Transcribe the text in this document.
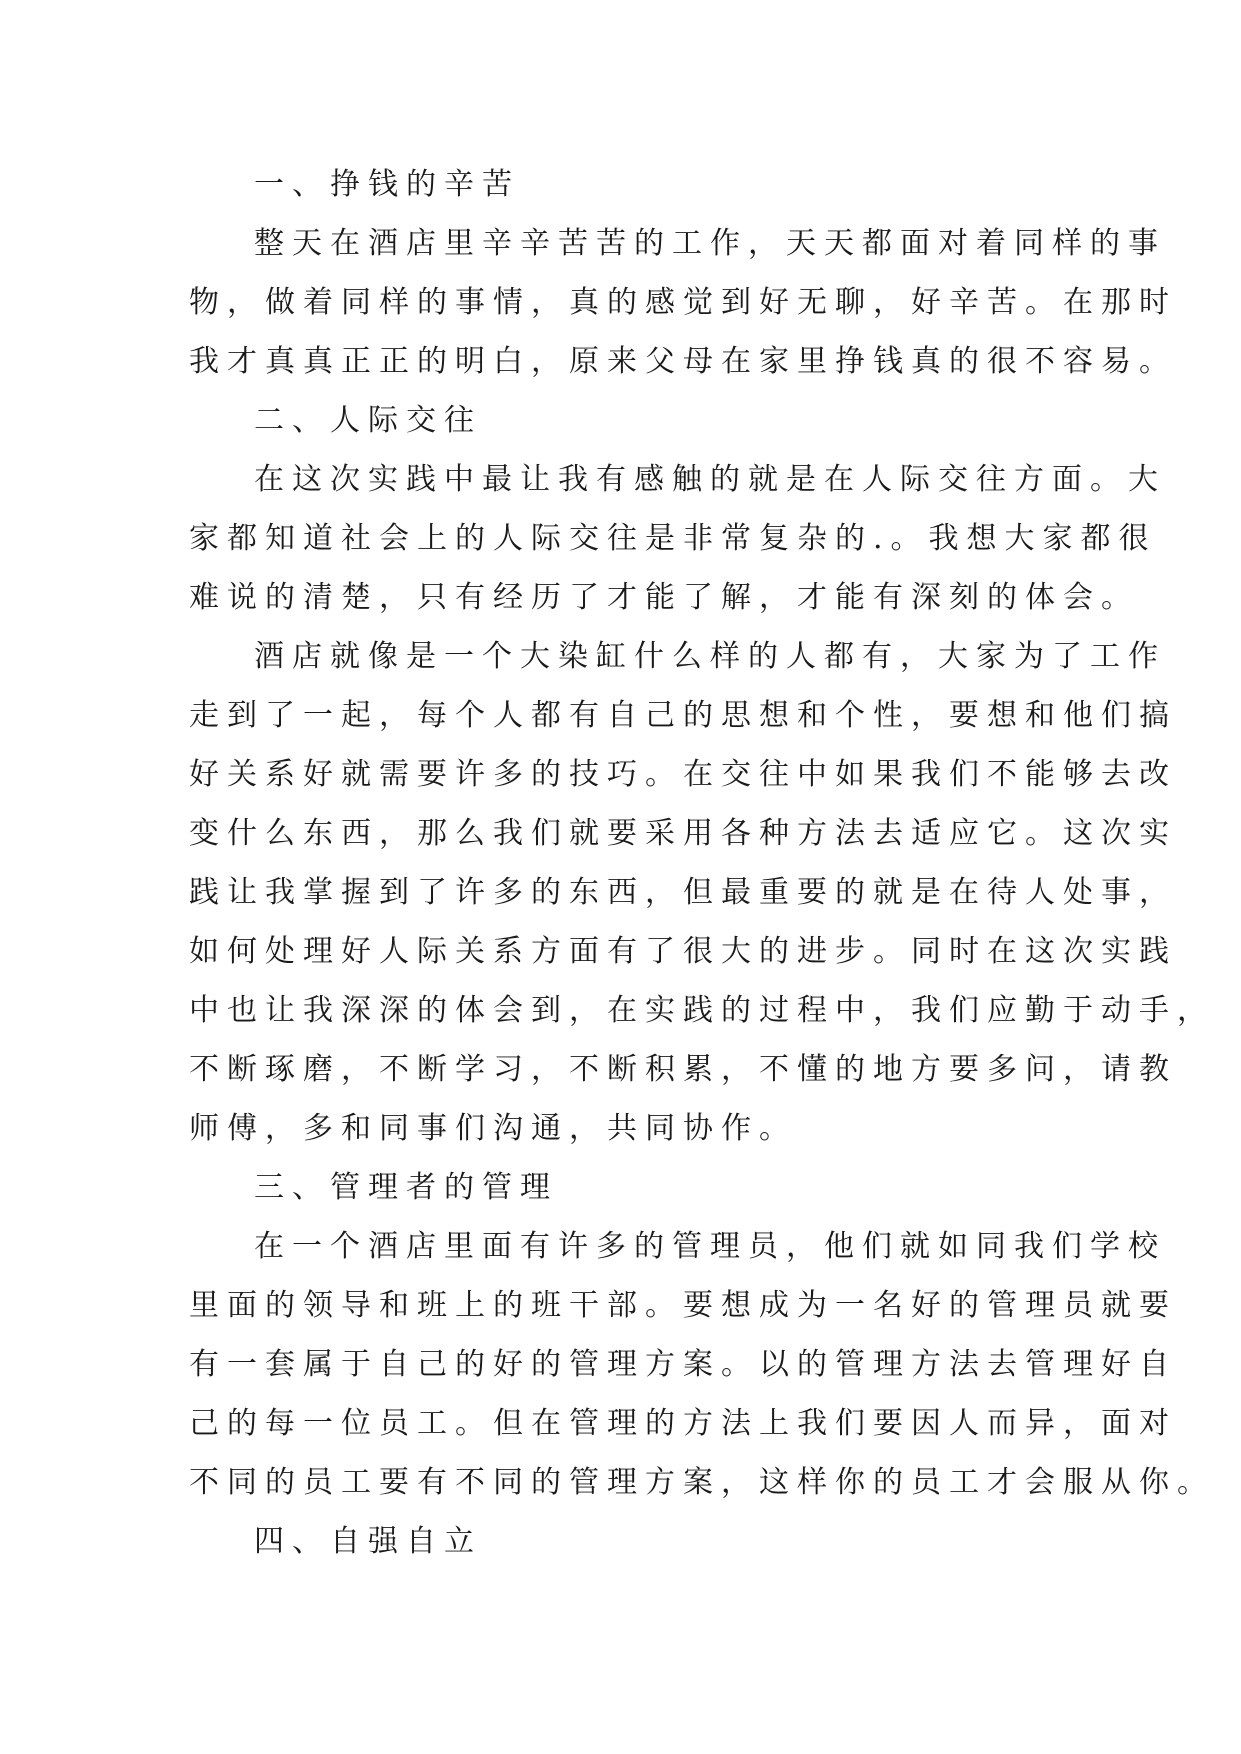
一、挣钱的辛苦
整天在酒店里辛辛苦苦的工作，天天都面对着同样的事
物，做着同样的事情，真的感觉到好无聊，好辛苦。在那时
我才真真正正的明白，原来父母在家里挣钱真的很不容易。
二、人际交往
在这次实践中最让我有感触的就是在人际交往方面。大
家都知道社会上的人际交往是非常复杂的.。我想大家都很
难说的清楚，只有经历了才能了解，才能有深刻的体会。
酒店就像是一个大染缸什么样的人都有，大家为了工作
走到了一起，每个人都有自己的思想和个性，要想和他们搞
好关系好就需要许多的技巧。在交往中如果我们不能够去改
变什么东西，那么我们就要采用各种方法去适应它。这次实
践让我掌握到了许多的东西，但最重要的就是在待人处事，
如何处理好人际关系方面有了很大的进步。同时在这次实践
中也让我深深的体会到，在实践的过程中，我们应勤于动手，
不断琢磨，不断学习，不断积累，不懂的地方要多问，请教
师傅，多和同事们沟通，共同协作。
三、管理者的管理
在一个酒店里面有许多的管理员，他们就如同我们学校
里面的领导和班上的班干部。要想成为一名好的管理员就要
有一套属于自己的好的管理方案。以的管理方法去管理好自
己的每一位员工。但在管理的方法上我们要因人而异，面对
不同的员工要有不同的管理方案，这样你的员工才会服从你。
四、自强自立
